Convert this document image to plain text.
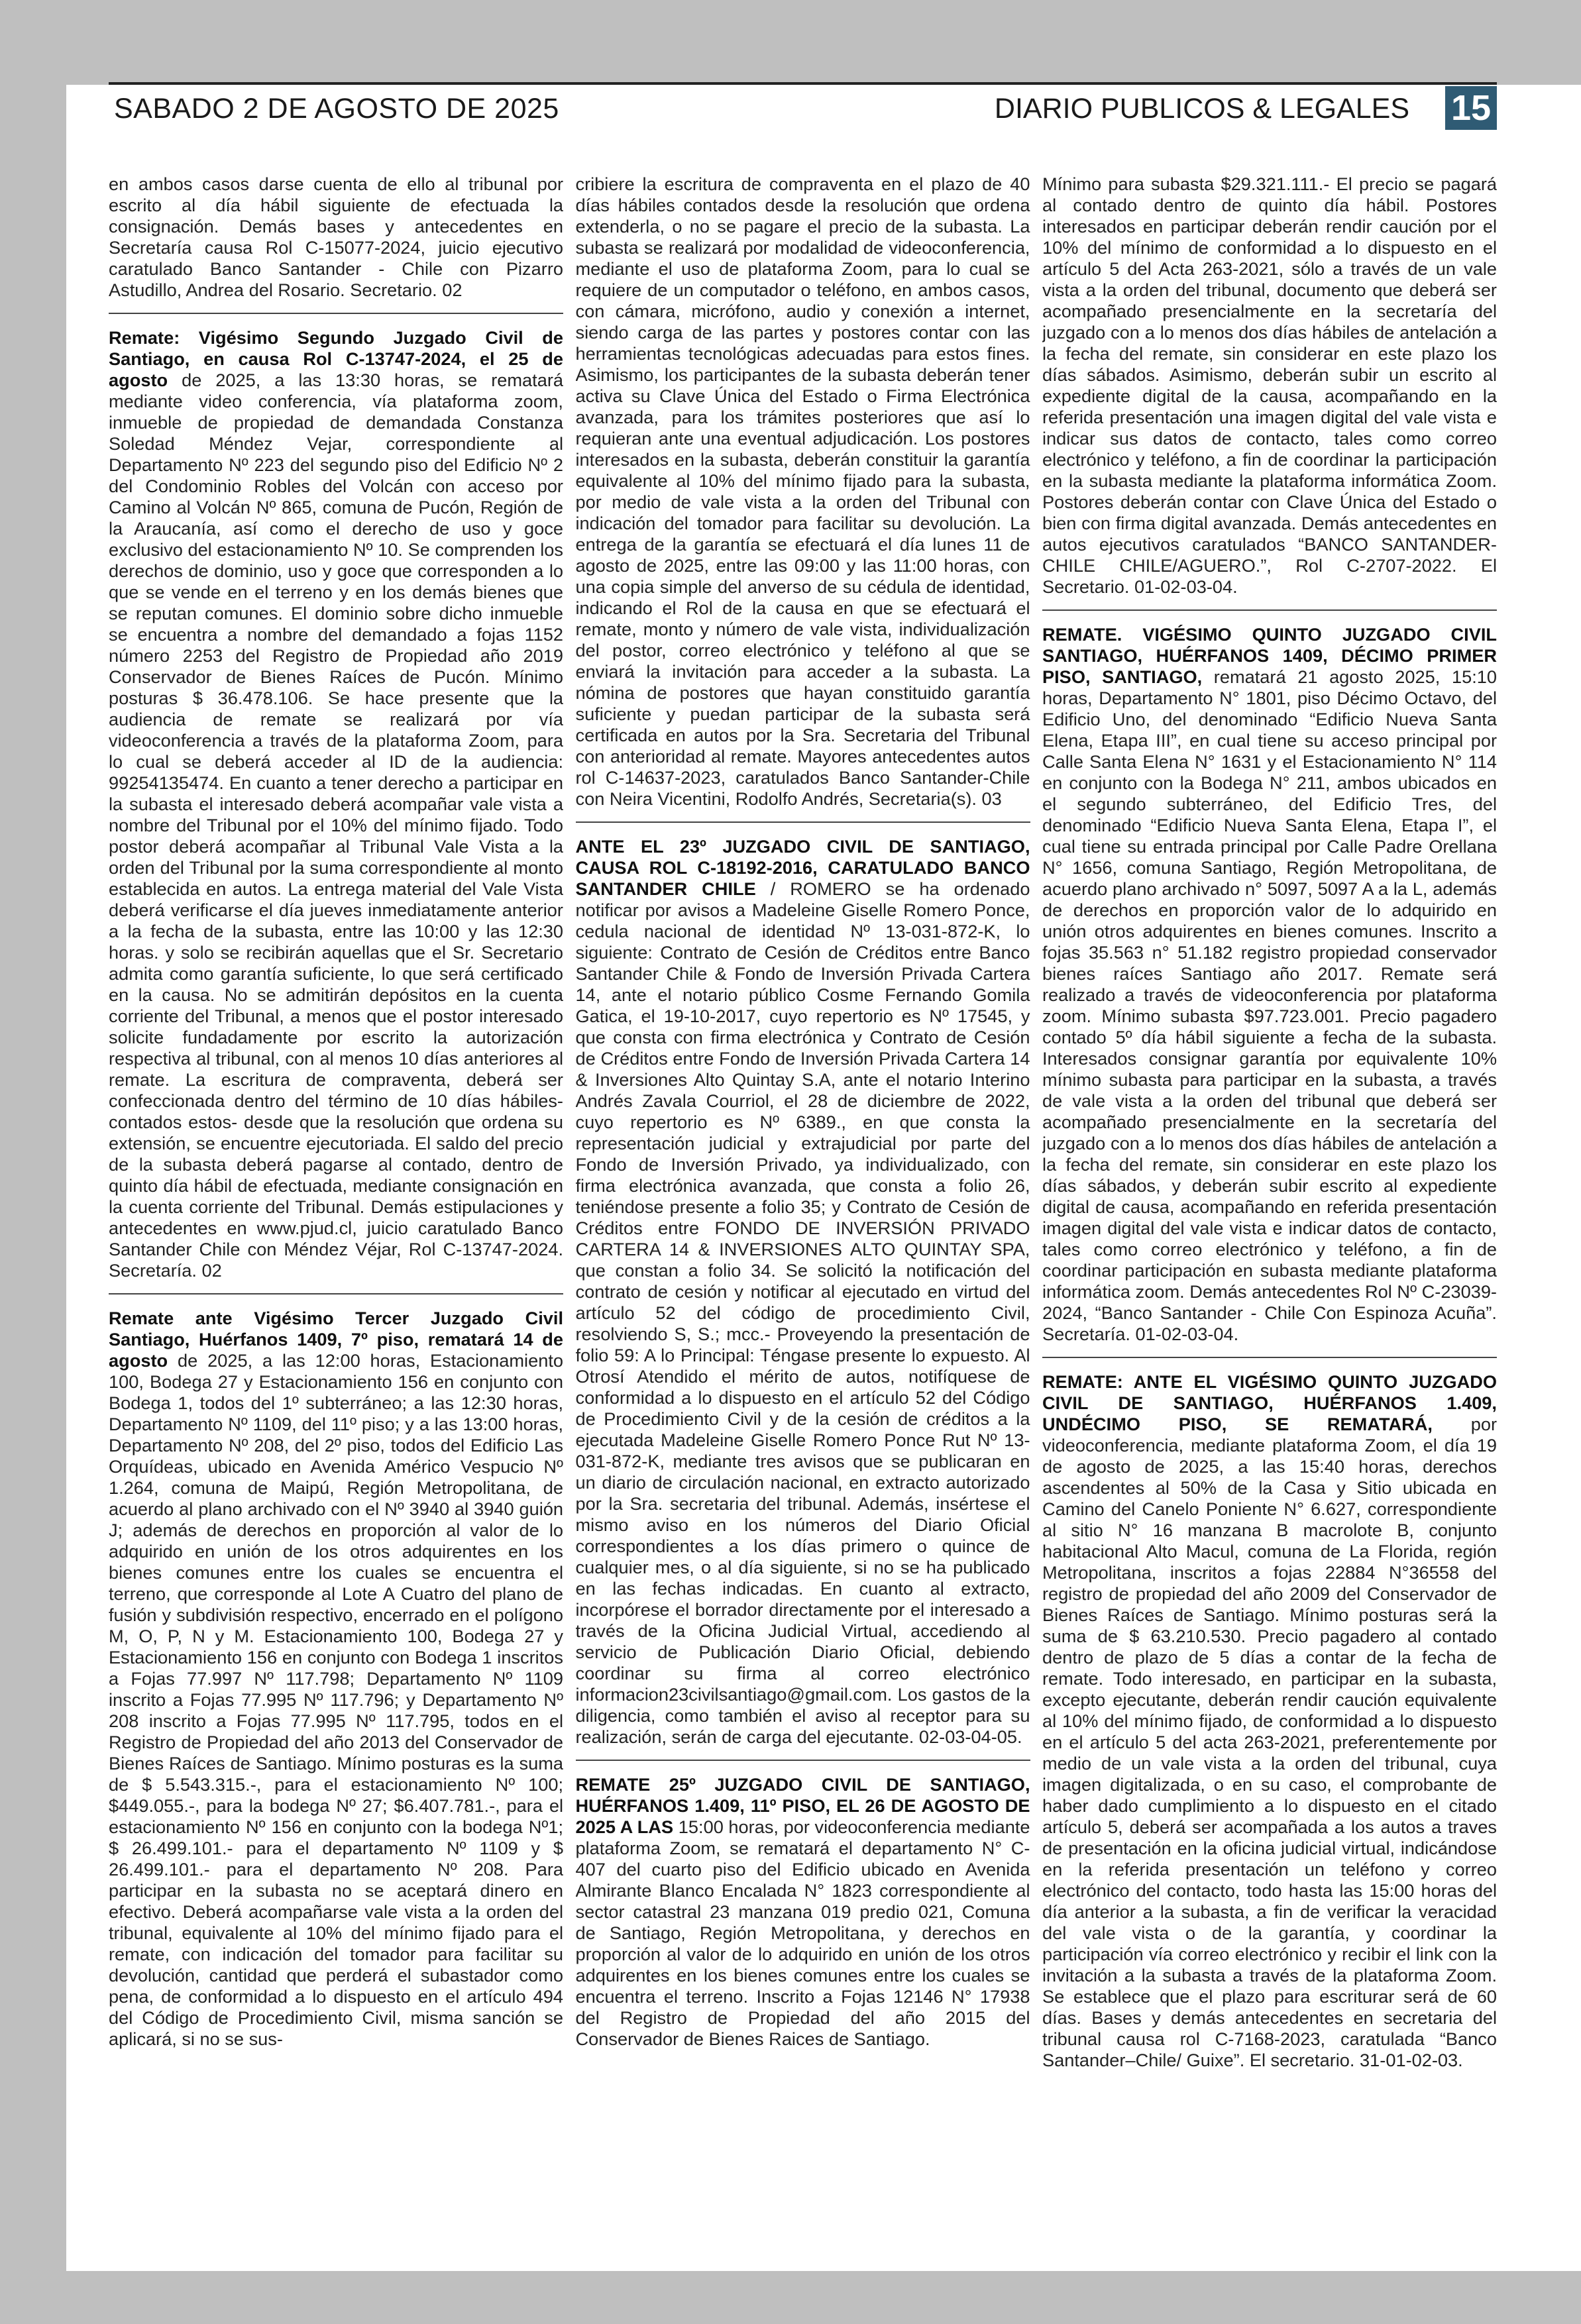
SABADO 2 DE AGOSTO DE 2025	DIARIO PUBLICOS & LEGALES 15

en ambos casos darse cuenta de ello al tribunal por escrito al día hábil siguiente de efectuada la consignación. Demás bases y antecedentes en Secretaría causa Rol C-15077-2024, juicio ejecutivo caratulado Banco Santander - Chile con Pizarro Astudillo, Andrea del Rosario. Secretario. 02

Remate: Vigésimo Segundo Juzgado Civil de Santiago, en causa Rol C-13747-2024, el 25 de agosto de 2025, a las 13:30 horas, se rematará mediante video conferencia, vía plataforma zoom, inmueble de propiedad de demandada Constanza Soledad Méndez Vejar, correspondiente al Departamento Nº 223 del segundo piso del Edificio Nº 2 del Condominio Robles del Volcán con acceso por Camino al Volcán Nº 865, comuna de Pucón, Región de la Araucanía, así como el derecho de uso y goce exclusivo del estacionamiento Nº 10. Se comprenden los derechos de dominio, uso y goce que corresponden a lo que se vende en el terreno y en los demás bienes que se reputan comunes. El dominio sobre dicho inmueble se encuentra a nombre del demandado a fojas 1152 número 2253 del Registro de Propiedad año 2019 Conservador de Bienes Raíces de Pucón. Mínimo posturas $ 36.478.106. Se hace presente que la audiencia de remate se realizará por vía videoconferencia a través de la plataforma Zoom, para lo cual se deberá acceder al ID de la audiencia: 99254135474. En cuanto a tener derecho a participar en la subasta el interesado deberá acompañar vale vista a nombre del Tribunal por el 10% del mínimo fijado. Todo postor deberá acompañar al Tribunal Vale Vista a la orden del Tribunal por la suma correspondiente al monto establecida en autos. La entrega material del Vale Vista deberá verificarse el día jueves inmediatamente anterior a la fecha de la subasta, entre las 10:00 y las 12:30 horas. y solo se recibirán aquellas que el Sr. Secretario admita como garantía suficiente, lo que será certificado en la causa. No se admitirán depósitos en la cuenta corriente del Tribunal, a menos que el postor interesado solicite fundadamente por escrito la autorización respectiva al tribunal, con al menos 10 días anteriores al remate. La escritura de compraventa, deberá ser confeccionada dentro del término de 10 días hábiles-contados estos- desde que la resolución que ordena su extensión, se encuentre ejecutoriada. El saldo del precio de la subasta deberá pagarse al contado, dentro de quinto día hábil de efectuada, mediante consignación en la cuenta corriente del Tribunal. Demás estipulaciones y antecedentes en www.pjud.cl, juicio caratulado Banco Santander Chile con Méndez Véjar, Rol C-13747-2024. Secretaría. 02

Remate ante Vigésimo Tercer Juzgado Civil Santiago, Huérfanos 1409, 7º piso, rematará 14 de agosto de 2025, a las 12:00 horas, Estacionamiento 100, Bodega 27 y Estacionamiento 156 en conjunto con Bodega 1, todos del 1º subterráneo; a las 12:30 horas, Departamento Nº 1109, del 11º piso; y a las 13:00 horas, Departamento Nº 208, del 2º piso, todos del Edificio Las Orquídeas, ubicado en Avenida Américo Vespucio Nº 1.264, comuna de Maipú, Región Metropolitana, de acuerdo al plano archivado con el Nº 3940 al 3940 guión J; además de derechos en proporción al valor de lo adquirido en unión de los otros adquirentes en los bienes comunes entre los cuales se encuentra el terreno, que corresponde al Lote A Cuatro del plano de fusión y subdivisión respectivo, encerrado en el polígono M, O, P, N y M. Estacionamiento 100, Bodega 27 y Estacionamiento 156 en conjunto con Bodega 1 inscritos a Fojas 77.997 Nº 117.798; Departamento Nº 1109 inscrito a Fojas 77.995 Nº 117.796; y Departamento Nº 208 inscrito a Fojas 77.995 Nº 117.795, todos en el Registro de Propiedad del año 2013 del Conservador de Bienes Raíces de Santiago. Mínimo posturas es la suma de $ 5.543.315.-, para el estacionamiento Nº 100; $449.055.-, para la bodega Nº 27; $6.407.781.-, para el estacionamiento Nº 156 en conjunto con la bodega Nº1; $ 26.499.101.- para el departamento Nº 1109 y $ 26.499.101.- para el departamento Nº 208. Para participar en la subasta no se aceptará dinero en efectivo. Deberá acompañarse vale vista a la orden del tribunal, equivalente al 10% del mínimo fijado para el remate, con indicación del tomador para facilitar su devolución, cantidad que perderá el subastador como pena, de conformidad a lo dispuesto en el artículo 494 del Código de Procedimiento Civil, misma sanción se aplicará, si no se sus-

cribiere la escritura de compraventa en el plazo de 40 días hábiles contados desde la resolución que ordena extenderla, o no se pagare el precio de la subasta. La subasta se realizará por modalidad de videoconferencia, mediante el uso de plataforma Zoom, para lo cual se requiere de un computador o teléfono, en ambos casos, con cámara, micrófono, audio y conexión a internet, siendo carga de las partes y postores contar con las herramientas tecnológicas adecuadas para estos fines. Asimismo, los participantes de la subasta deberán tener activa su Clave Única del Estado o Firma Electrónica avanzada, para los trámites posteriores que así lo requieran ante una eventual adjudicación. Los postores interesados en la subasta, deberán constituir la garantía equivalente al 10% del mínimo fijado para la subasta, por medio de vale vista a la orden del Tribunal con indicación del tomador para facilitar su devolución. La entrega de la garantía se efectuará el día lunes 11 de agosto de 2025, entre las 09:00 y las 11:00 horas, con una copia simple del anverso de su cédula de identidad, indicando el Rol de la causa en que se efectuará el remate, monto y número de vale vista, individualización del postor, correo electrónico y teléfono al que se enviará la invitación para acceder a la subasta. La nómina de postores que hayan constituido garantía suficiente y puedan participar de la subasta será certificada en autos por la Sra. Secretaria del Tribunal con anterioridad al remate. Mayores antecedentes autos rol C-14637-2023, caratulados Banco Santander-Chile con Neira Vicentini, Rodolfo Andrés, Secretaria(s). 03

ANTE EL 23º JUZGADO CIVIL DE SANTIAGO, CAUSA ROL C-18192-2016, CARATULADO BANCO SANTANDER CHILE / ROMERO se ha ordenado notificar por avisos a Madeleine Giselle Romero Ponce, cedula nacional de identidad Nº 13-031-872-K, lo siguiente: Contrato de Cesión de Créditos entre Banco Santander Chile & Fondo de Inversión Privada Cartera 14, ante el notario público Cosme Fernando Gomila Gatica, el 19-10-2017, cuyo repertorio es Nº 17545, y que consta con firma electrónica y Contrato de Cesión de Créditos entre Fondo de Inversión Privada Cartera 14 & Inversiones Alto Quintay S.A, ante el notario Interino Andrés Zavala Courriol, el 28 de diciembre de 2022, cuyo repertorio es Nº 6389., en que consta la representación judicial y extrajudicial por parte del Fondo de Inversión Privado, ya individualizado, con firma electrónica avanzada, que consta a folio 26, teniéndose presente a folio 35; y Contrato de Cesión de Créditos entre FONDO DE INVERSIÓN PRIVADO CARTERA 14 & INVERSIONES ALTO QUINTAY SPA, que constan a folio 34. Se solicitó la notificación del contrato de cesión y notificar al ejecutado en virtud del artículo 52 del código de procedimiento Civil, resolviendo S, S.; mcc.- Proveyendo la presentación de folio 59: A lo Principal: Téngase presente lo expuesto. Al Otrosí Atendido el mérito de autos, notifíquese de conformidad a lo dispuesto en el artículo 52 del Código de Procedimiento Civil y de la cesión de créditos a la ejecutada Madeleine Giselle Romero Ponce Rut Nº 13-031-872-K, mediante tres avisos que se publicaran en un diario de circulación nacional, en extracto autorizado por la Sra. secretaria del tribunal. Además, insértese el mismo aviso en los números del Diario Oficial correspondientes a los días primero o quince de cualquier mes, o al día siguiente, si no se ha publicado en las fechas indicadas. En cuanto al extracto, incorpórese el borrador directamente por el interesado a través de la Oficina Judicial Virtual, accediendo al servicio de Publicación Diario Oficial, debiendo coordinar su firma al correo electrónico informacion23civilsantiago@gmail.com. Los gastos de la diligencia, como también el aviso al receptor para su realización, serán de carga del ejecutante. 02-03-04-05.

REMATE 25º JUZGADO CIVIL DE SANTIAGO, HUÉRFANOS 1.409, 11º PISO, EL 26 DE AGOSTO DE 2025 A LAS 15:00 horas, por videoconferencia mediante plataforma Zoom, se rematará el departamento N° C-407 del cuarto piso del Edificio ubicado en Avenida Almirante Blanco Encalada N° 1823 correspondiente al sector catastral 23 manzana 019 predio 021, Comuna de Santiago, Región Metropolitana, y derechos en proporción al valor de lo adquirido en unión de los otros adquirentes en los bienes comunes entre los cuales se encuentra el terreno. Inscrito a Fojas 12146 N° 17938 del Registro de Propiedad del año 2015 del Conservador de Bienes Raices de Santiago.

Mínimo para subasta $29.321.111.- El precio se pagará al contado dentro de quinto día hábil. Postores interesados en participar deberán rendir caución por el 10% del mínimo de conformidad a lo dispuesto en el artículo 5 del Acta 263-2021, sólo a través de un vale vista a la orden del tribunal, documento que deberá ser acompañado presencialmente en la secretaría del juzgado con a lo menos dos días hábiles de antelación a la fecha del remate, sin considerar en este plazo los días sábados. Asimismo, deberán subir un escrito al expediente digital de la causa, acompañando en la referida presentación una imagen digital del vale vista e indicar sus datos de contacto, tales como correo electrónico y teléfono, a fin de coordinar la participación en la subasta mediante la plataforma informática Zoom. Postores deberán contar con Clave Única del Estado o bien con firma digital avanzada. Demás antecedentes en autos ejecutivos caratulados “BANCO SANTANDER-CHILE CHILE/AGUERO.”, Rol C-2707-2022. El Secretario. 01-02-03-04.

REMATE. VIGÉSIMO QUINTO JUZGADO CIVIL SANTIAGO, HUÉRFANOS 1409, DÉCIMO PRIMER PISO, SANTIAGO, rematará 21 agosto 2025, 15:10 horas, Departamento N° 1801, piso Décimo Octavo, del Edificio Uno, del denominado “Edificio Nueva Santa Elena, Etapa III”, en cual tiene su acceso principal por Calle Santa Elena N° 1631 y el Estacionamiento N° 114 en conjunto con la Bodega N° 211, ambos ubicados en el segundo subterráneo, del Edificio Tres, del denominado “Edificio Nueva Santa Elena, Etapa I”, el cual tiene su entrada principal por Calle Padre Orellana N° 1656, comuna Santiago, Región Metropolitana, de acuerdo plano archivado n° 5097, 5097 A a la L, además de derechos en proporción valor de lo adquirido en unión otros adquirentes en bienes comunes. Inscrito a fojas 35.563 n° 51.182 registro propiedad conservador bienes raíces Santiago año 2017. Remate será realizado a través de videoconferencia por plataforma zoom. Mínimo subasta $97.723.001. Precio pagadero contado 5º día hábil siguiente a fecha de la subasta. Interesados consignar garantía por equivalente 10% mínimo subasta para participar en la subasta, a través de vale vista a la orden del tribunal que deberá ser acompañado presencialmente en la secretaría del juzgado con a lo menos dos días hábiles de antelación a la fecha del remate, sin considerar en este plazo los días sábados, y deberán subir escrito al expediente digital de causa, acompañando en referida presentación imagen digital del vale vista e indicar datos de contacto, tales como correo electrónico y teléfono, a fin de coordinar participación en subasta mediante plataforma informática zoom. Demás antecedentes Rol Nº C-23039-2024, “Banco Santander - Chile Con Espinoza Acuña”. Secretaría. 01-02-03-04.

REMATE: ANTE EL VIGÉSIMO QUINTO JUZGADO CIVIL DE SANTIAGO, HUÉRFANOS 1.409, UNDÉCIMO PISO, SE REMATARÁ, por videoconferencia, mediante plataforma Zoom, el día 19 de agosto de 2025, a las 15:40 horas, derechos ascendentes al 50% de la Casa y Sitio ubicada en Camino del Canelo Poniente N° 6.627, correspondiente al sitio N° 16 manzana B macrolote B, conjunto habitacional Alto Macul, comuna de La Florida, región Metropolitana, inscritos a fojas 22884 N°36558 del registro de propiedad del año 2009 del Conservador de Bienes Raíces de Santiago. Mínimo posturas será la suma de $ 63.210.530. Precio pagadero al contado dentro de plazo de 5 días a contar de la fecha de remate. Todo interesado, en participar en la subasta, excepto ejecutante, deberán rendir caución equivalente al 10% del mínimo fijado, de conformidad a lo dispuesto en el artículo 5 del acta 263-2021, preferentemente por medio de un vale vista a la orden del tribunal, cuya imagen digitalizada, o en su caso, el comprobante de haber dado cumplimiento a lo dispuesto en el citado artículo 5, deberá ser acompañada a los autos a traves de presentación en la oficina judicial virtual, indicándose en la referida presentación un teléfono y correo electrónico del contacto, todo hasta las 15:00 horas del día anterior a la subasta, a fin de verificar la veracidad del vale vista o de la garantía, y coordinar la participación vía correo electrónico y recibir el link con la invitación a la subasta a través de la plataforma Zoom. Se establece que el plazo para escriturar será de 60 días. Bases y demás antecedentes en secretaria del tribunal causa rol C-7168-2023, caratulada “Banco Santander–Chile/ Guixe”. El secretario. 31-01-02-03.
